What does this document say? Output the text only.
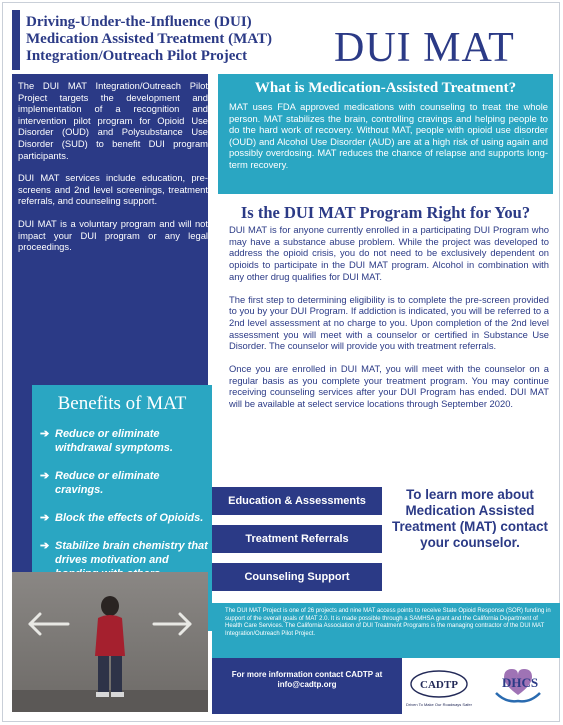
Driving-Under-the-Influence (DUI)
Medication Assisted Treatment (MAT)
Integration/Outreach Pilot Project	DUI MAT

The DUI MAT Integration/Outreach Pilot Project targets the development and implementation of a recognition and intervention pilot program for Opioid Use Disorder (OUD) and Polysubstance Use Disorder (SUD) to benefit DUI program participants.

DUI MAT services include education, pre-screens and 2nd level screenings, treatment referrals, and counseling support.

DUI MAT is a voluntary program and will not impact your DUI program or any legal proceedings.

Benefits of MAT
➔ Reduce or eliminate withdrawal symptoms.
➔ Reduce or eliminate cravings.
➔ Block the effects of Opioids.
➔ Stabilize brain chemistry that drives motivation and
What is Medication-Assisted Treatment?
MAT uses FDA approved medications with counseling to treat the whole person. MAT stabilizes the brain, controlling cravings and helping people to do the hard work of recovery. Without MAT, people with opioid use disorder (OUD) and Alcohol Use Disorder (AUD) are at a high risk of using again and possibly overdosing. MAT reduces the chance of relapse and supports long-term recovery.
Is the DUI MAT Program Right for You?

DUI MAT is for anyone currently enrolled in a participating DUI Program who may have a substance abuse problem. While the project was developed to address the opioid crisis, you do not need to be exclusively dependent on opioids to participate in the DUI MAT program. Alcohol in combination with any other drug qualifies for DUI MAT.

The first step to determining eligibility is to complete the pre-screen provided to you by your DUI Program. If addiction is indicated, you will be referred to a 2nd level assessment at no charge to you. Upon completion of the 2nd level assessment you will meet with a counselor or certified in Substance Use Disorder. The counselor will provide you with treatment referrals.

Once you are enrolled in DUI MAT, you will meet with the counselor on a regular basis as you complete your treatment program. You may continue receiving counseling services after your DUI Program has ended. DUI MAT will be available at select service locations through September 2020.

Education & Assessments
Treatment Referrals
Counseling Support
To learn more about Medication Assisted Treatment (MAT) contact your counselor.
The DUI MAT Project is one of 26 projects and nine MAT access points to receive State Opioid Response (SOR) funding in support of the overall goals of MAT 2.0. It is made possible through a SAMHSA grant and the California Department of Health Care Services. The California Association of DUI Treatment Programs is the managing contractor of the DUI MAT Integration/Outreach Pilot Project.
For more information contact CADTP at
info@cadtp.org	CADTP
Driven To Make Our Roadways Safer
DHCS
